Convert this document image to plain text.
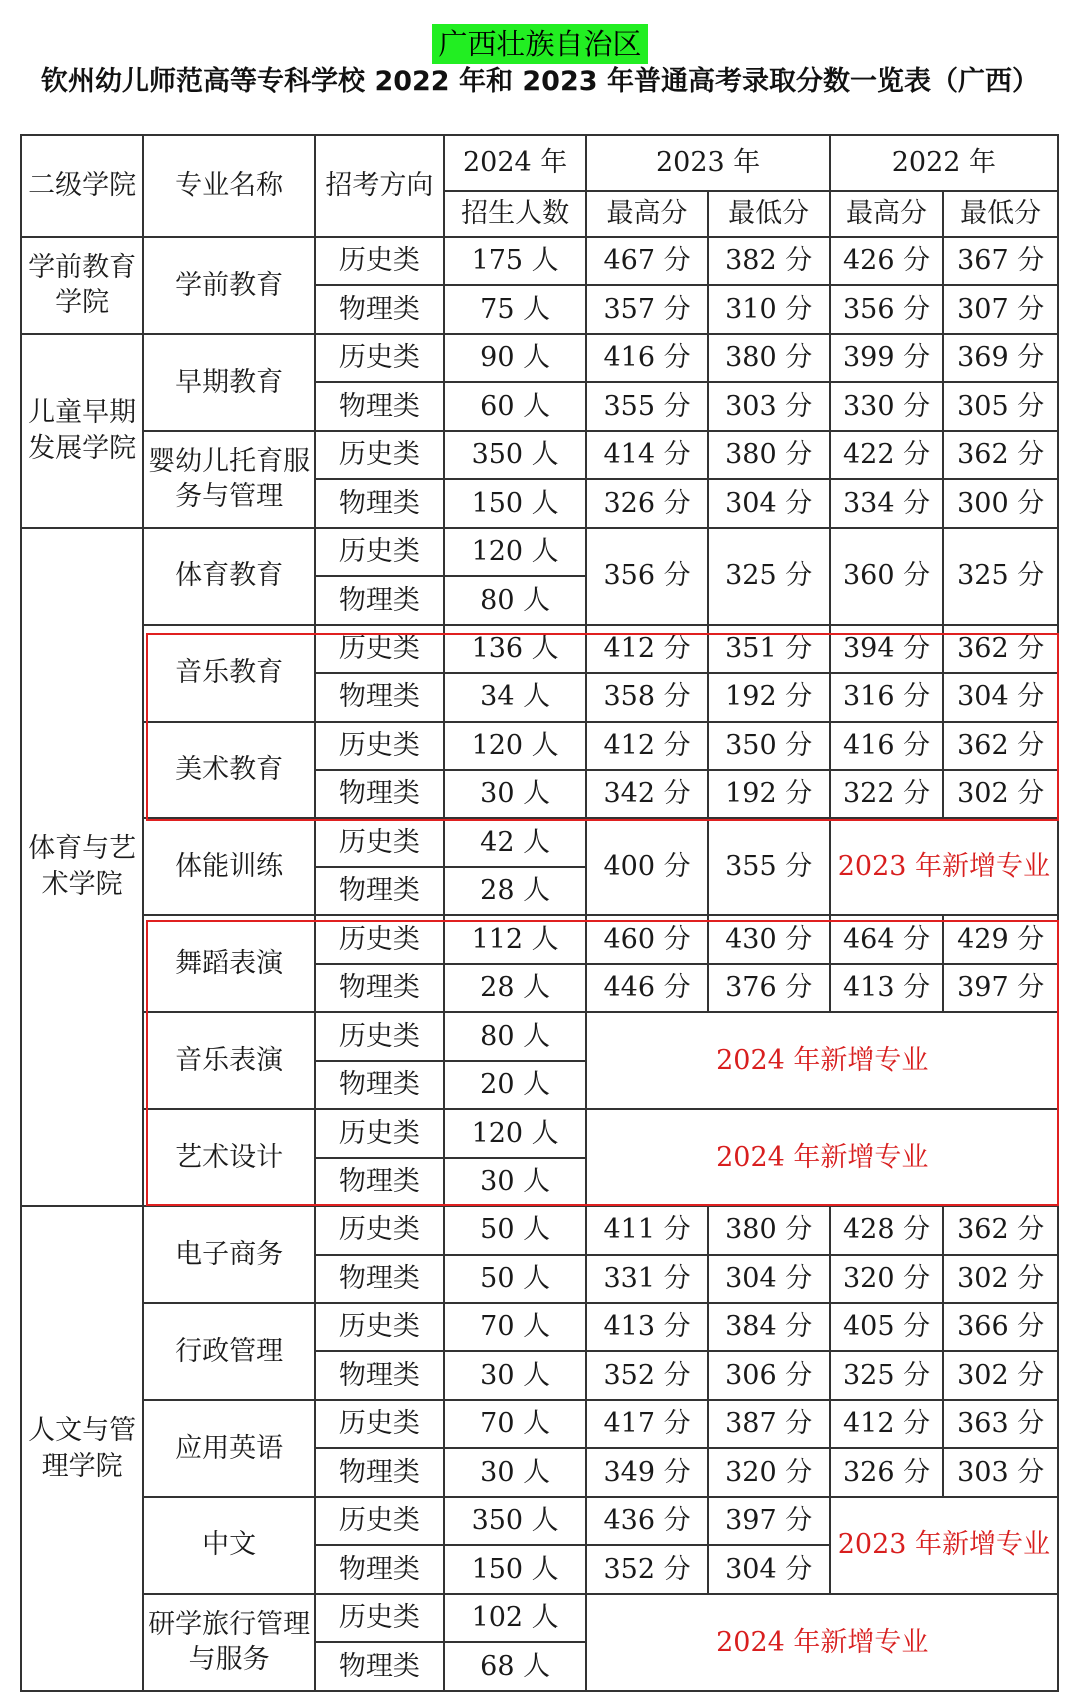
广西壮族自治区
钦州幼儿师范高等专科学校 2022 年和 2023 年普通高考录取分数一览表（广西）
二级学院	专业名称	招考方向	2024 年	2023 年		2022 年	
			招生人数	最高分	最低分	最高分	最低分
学前教育学院	学前教育	历史类	175 人	467 分	382 分	426 分	367 分
		物理类	75 人	357 分	310 分	356 分	307 分
儿童早期发展学院	早期教育	历史类	90 人	416 分	380 分	399 分	369 分
		物理类	60 人	355 分	303 分	330 分	305 分
	婴幼儿托育服务与管理	历史类	350 人	414 分	380 分	422 分	362 分
		物理类	150 人	326 分	304 分	334 分	300 分
体育与艺术学院	体育教育	历史类	120 人	356 分	325 分	360 分	325 分
		物理类	80 人				
	音乐教育	历史类	136 人	412 分	351 分	394 分	362 分
		物理类	34 人	358 分	192 分	316 分	304 分
	美术教育	历史类	120 人	412 分	350 分	416 分	362 分
		物理类	30 人	342 分	192 分	322 分	302 分
	体能训练	历史类	42 人	400 分	355 分	2023 年新增专业	
		物理类	28 人				
	舞蹈表演	历史类	112 人	460 分	430 分	464 分	429 分
		物理类	28 人	446 分	376 分	413 分	397 分
	音乐表演	历史类	80 人	2024 年新增专业			
		物理类	20 人				
	艺术设计	历史类	120 人	2024 年新增专业			
		物理类	30 人				
人文与管理学院	电子商务	历史类	50 人	411 分	380 分	428 分	362 分
		物理类	50 人	331 分	304 分	320 分	302 分
	行政管理	历史类	70 人	413 分	384 分	405 分	366 分
		物理类	30 人	352 分	306 分	325 分	302 分
	应用英语	历史类	70 人	417 分	387 分	412 分	363 分
		物理类	30 人	349 分	320 分	326 分	303 分
	中文	历史类	350 人	436 分	397 分	2023 年新增专业	
		物理类	150 人	352 分	304 分		
	研学旅行管理与服务	历史类	102 人	2024 年新增专业			
		物理类	68 人				
